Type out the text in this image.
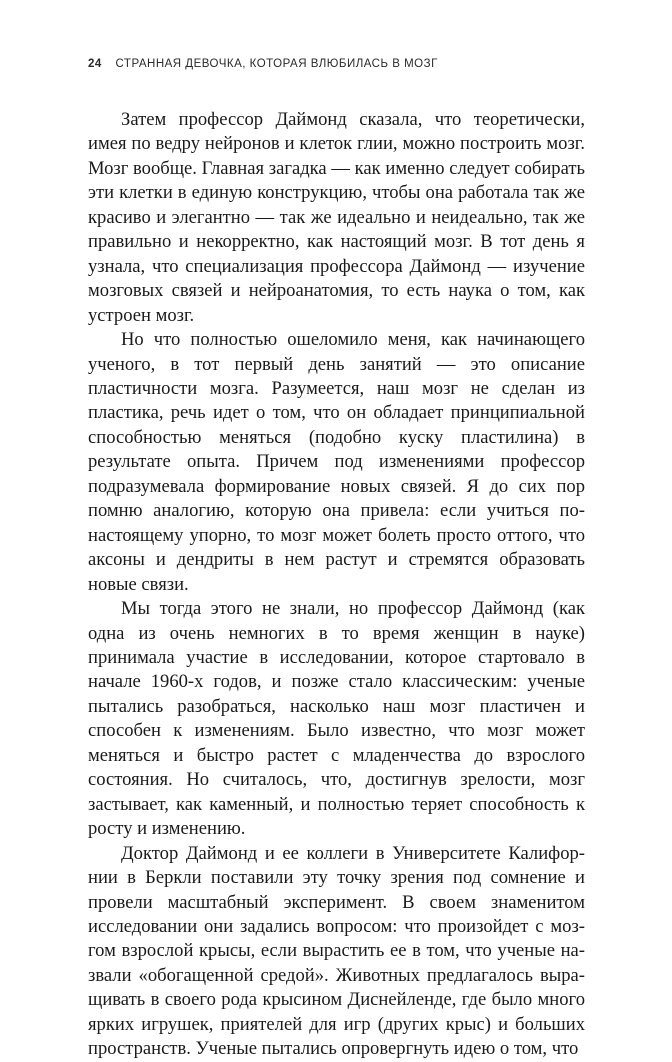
24 СТРАННАЯ ДЕВОЧКА, КОТОРАЯ ВЛЮБИЛАСЬ В МОЗГ

Затем профессор Даймонд сказала, что теоретически, имея по ведру нейронов и клеток глии, можно построить мозг. Мозг вообще. Главная загадка — как именно следует собирать эти клетки в единую конструкцию, чтобы она работала так же красиво и элегантно — так же идеально и неидеально, так же правильно и некорректно, как настоящий мозг. В тот день я узнала, что специализация профессора Даймонд — изучение мозговых связей и нейроанатомия, то есть наука о том, как устроен мозг.

Но что полностью ошеломило меня, как начинающего ученого, в тот первый день занятий — это описание пластичности мозга. Разумеется, наш мозг не сделан из пластика, речь идет о том, что он обладает принципиальной способностью меняться (подобно куску пластилина) в результате опыта. Причем под изменениями профессор подразумевала формирование новых связей. Я до сих пор помню аналогию, которую она привела: если учиться по-настоящему упорно, то мозг может болеть просто оттого, что аксоны и дендриты в нем растут и стремятся образовать новые связи.

Мы тогда этого не знали, но профессор Даймонд (как одна из очень немногих в то время женщин в науке) принимала участие в исследовании, которое стартовало в начале 1960-х годов, и позже стало классическим: ученые пытались разобраться, насколько наш мозг пластичен и способен к изменениям. Было известно, что мозг может меняться и быстро растет с младенчества до взрослого состояния. Но считалось, что, достигнув зрелости, мозг застывает, как каменный, и полностью теряет способность к росту и изменению.

Доктор Даймонд и ее коллеги в Университете Калифорнии в Беркли поставили эту точку зрения под сомнение и провели масштабный эксперимент. В своем знаменитом исследовании они задались вопросом: что произойдет с мозгом взрослой крысы, если вырастить ее в том, что ученые назвали «обогащенной средой». Животных предлагалось выращивать в своего рода крысином Диснейленде, где было много ярких игрушек, приятелей для игр (других крыс) и больших пространств. Ученые пытались опровергнуть идею о том, что
